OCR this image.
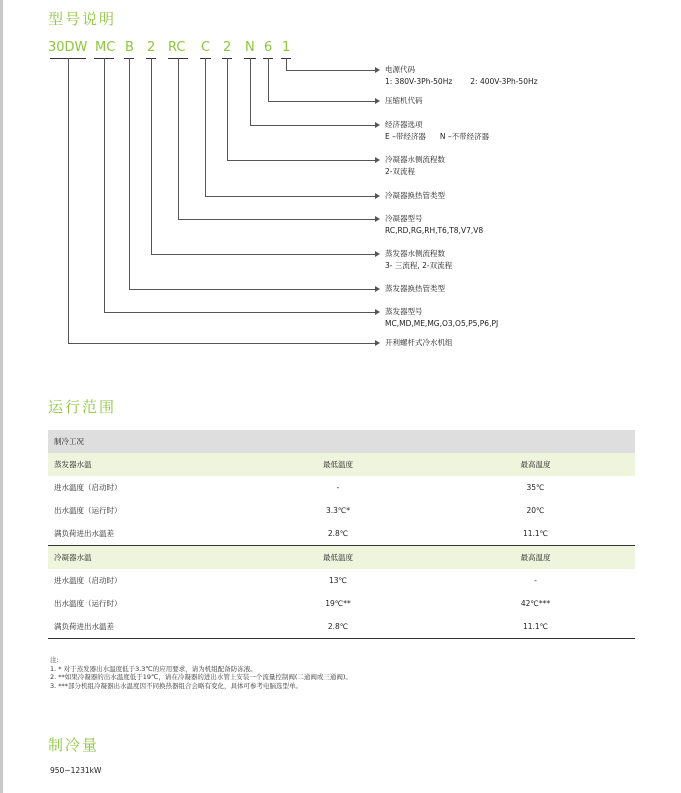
型号说明
30DW MC B 2 RC C 2 N 6 1
电源代码
1: 380V-3Ph-50Hz 2: 400V-3Ph-50Hz
压缩机代码
经济器选项
E –带经济器 N –不带经济器
冷凝器水侧流程数
2-双流程
冷凝器换热管类型
冷凝器型号
RC,RD,RG,RH,T6,T8,V7,V8
蒸发器水侧流程数
3- 三流程, 2-双流程
蒸发器换热管类型
蒸发器型号
MC,MD,ME,MG,O3,O5,P5,P6,PJ
开利螺杆式冷水机组
运行范围
制冷工况		
蒸发器水温	最低温度	最高温度
进水温度（启动时）	-	35℃
出水温度（运行时）	3.3℃*	20℃
满负荷进出水温差	2.8℃	11.1℃
冷凝器水温	最低温度	最高温度
进水温度（启动时）	13℃	-
出水温度（运行时）	19℃**	42℃***
满负荷进出水温差	2.8℃	11.1℃
注:
1. * 对于蒸发器出水温度低于3.3℃的应用要求，请为机组配备防冻液。
2. **如果冷凝器的出水温度低于19℃，请在冷凝器的进出水管上安装一个流量控制阀(二通阀或三通阀)。
3. ***部分机组冷凝器出水温度因不同换热器组合会略有变化，具体可参考电脑选型单。
制冷量
950~1231kW
